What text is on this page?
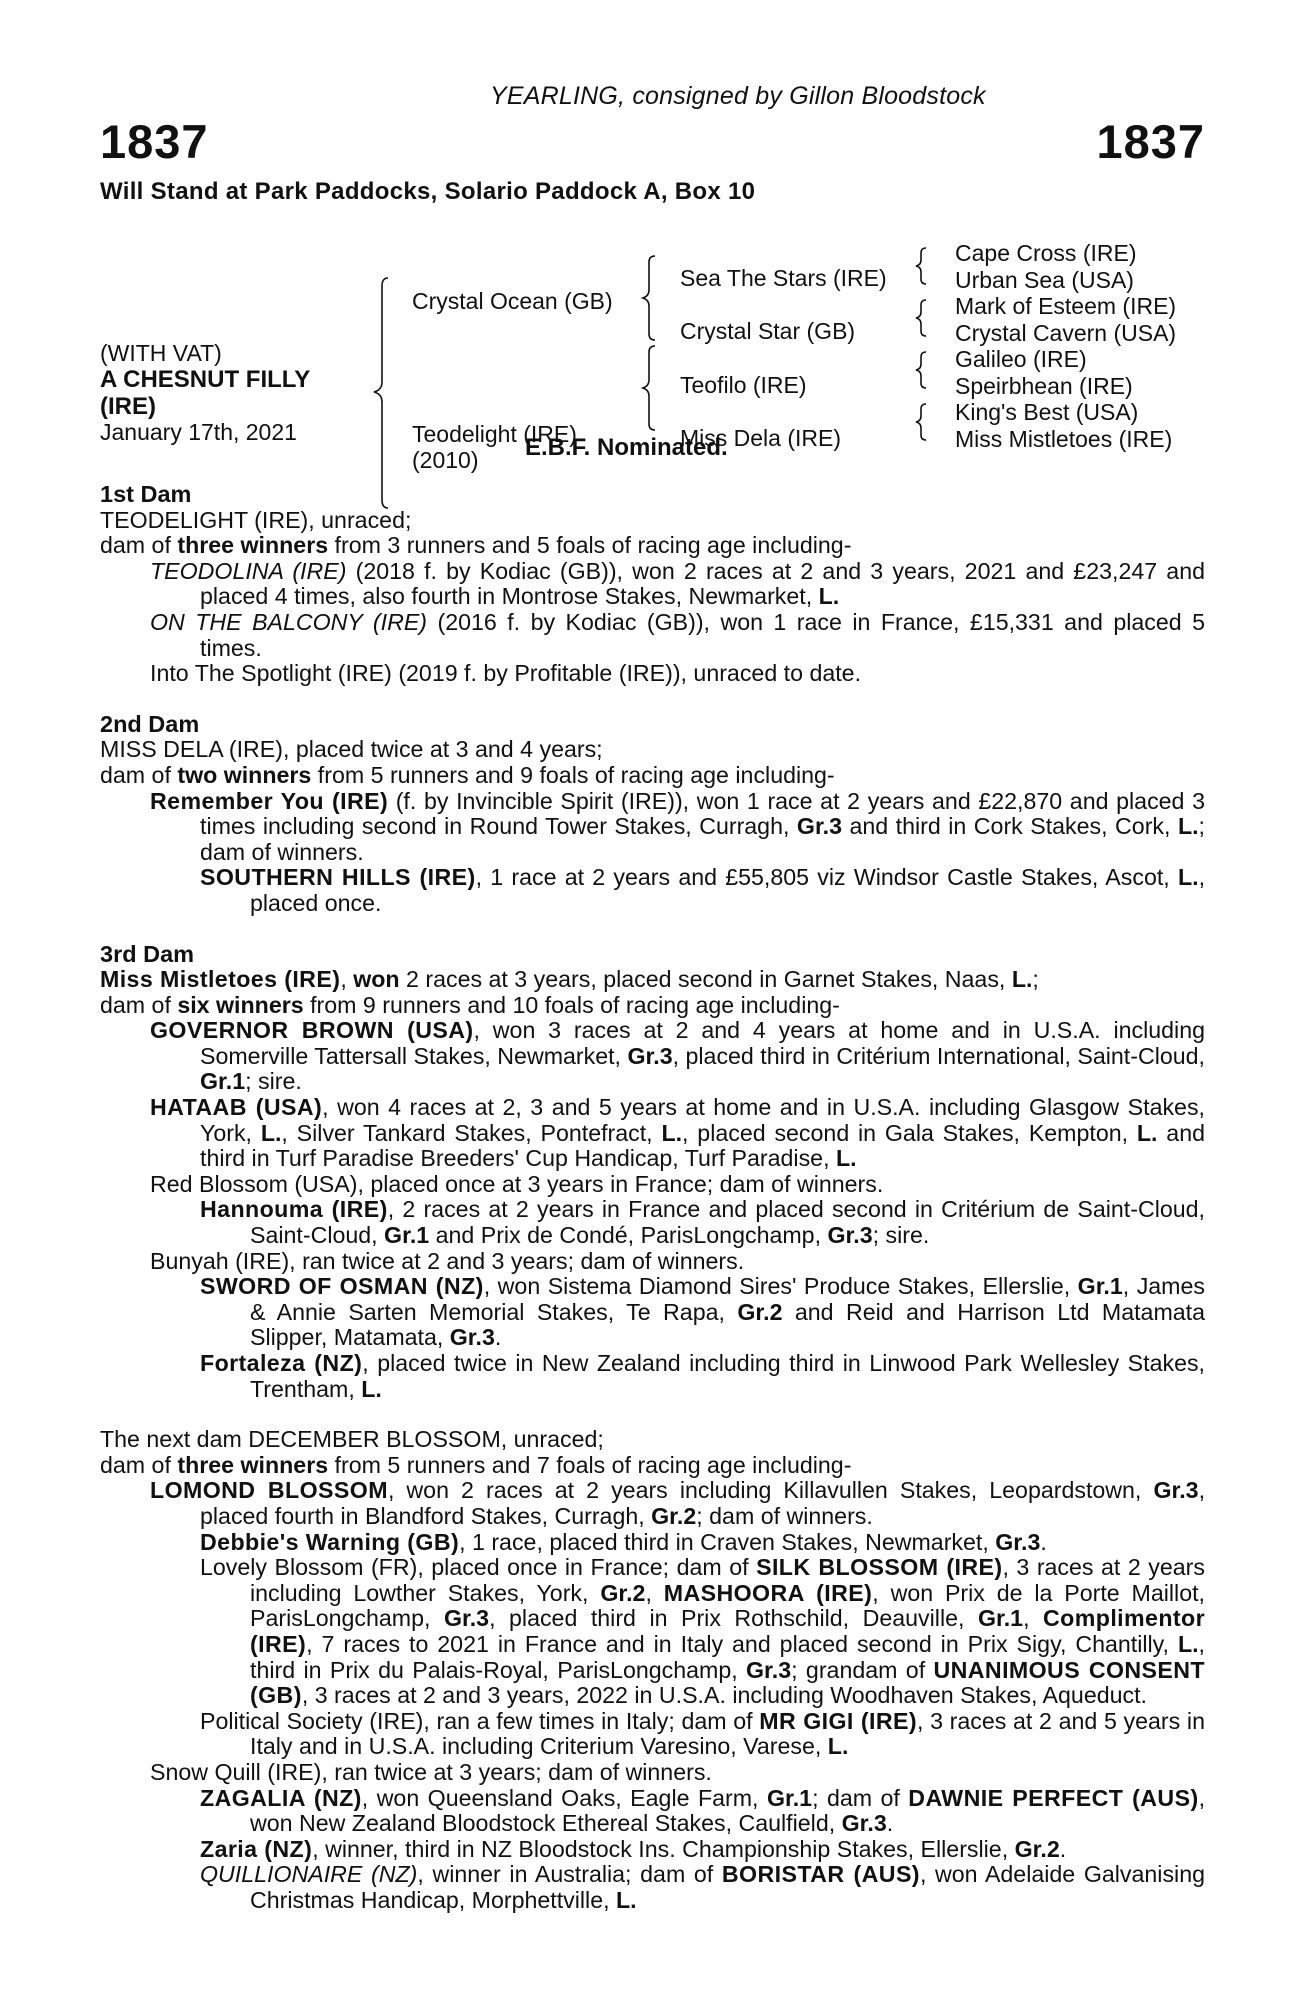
YEARLING, consigned by Gillon Bloodstock
1837	1837
Will Stand at Park Paddocks, Solario Paddock A, Box 10
(WITH VAT)
A CHESNUT FILLY
(IRE)
January 17th, 2021
Crystal Ocean (GB)
Teodelight (IRE)
(2010)
Sea The Stars (IRE)
Crystal Star (GB)
Teofilo (IRE)
Miss Dela (IRE)
Cape Cross (IRE)
Urban Sea (USA)
Mark of Esteem (IRE)
Crystal Cavern (USA)
Galileo (IRE)
Speirbhean (IRE)
King's Best (USA)
Miss Mistletoes (IRE)
E.B.F. Nominated.

1st Dam

TEODELIGHT (IRE), unraced;

dam of three winners from 3 runners and 5 foals of racing age including-

TEODOLINA (IRE) (2018 f. by Kodiac (GB)), won 2 races at 2 and 3 years, 2021 and £23,247 and placed 4 times, also fourth in Montrose Stakes, Newmarket, L.

ON THE BALCONY (IRE) (2016 f. by Kodiac (GB)), won 1 race in France, £15,331 and placed 5 times.

Into The Spotlight (IRE) (2019 f. by Profitable (IRE)), unraced to date.

2nd Dam

MISS DELA (IRE), placed twice at 3 and 4 years;

dam of two winners from 5 runners and 9 foals of racing age including-

Remember You (IRE) (f. by Invincible Spirit (IRE)), won 1 race at 2 years and £22,870 and placed 3 times including second in Round Tower Stakes, Curragh, Gr.3 and third in Cork Stakes, Cork, L.; dam of winners.

SOUTHERN HILLS (IRE), 1 race at 2 years and £55,805 viz Windsor Castle Stakes, Ascot, L., placed once.

3rd Dam

Miss Mistletoes (IRE), won 2 races at 3 years, placed second in Garnet Stakes, Naas, L.;

dam of six winners from 9 runners and 10 foals of racing age including-

GOVERNOR BROWN (USA), won 3 races at 2 and 4 years at home and in U.S.A. including Somerville Tattersall Stakes, Newmarket, Gr.3, placed third in Critérium International, Saint-Cloud, Gr.1; sire.

HATAAB (USA), won 4 races at 2, 3 and 5 years at home and in U.S.A. including Glasgow Stakes, York, L., Silver Tankard Stakes, Pontefract, L., placed second in Gala Stakes, Kempton, L. and third in Turf Paradise Breeders' Cup Handicap, Turf Paradise, L.

Red Blossom (USA), placed once at 3 years in France; dam of winners.

Hannouma (IRE), 2 races at 2 years in France and placed second in Critérium de Saint-Cloud, Saint-Cloud, Gr.1 and Prix de Condé, ParisLongchamp, Gr.3; sire.

Bunyah (IRE), ran twice at 2 and 3 years; dam of winners.

SWORD OF OSMAN (NZ), won Sistema Diamond Sires' Produce Stakes, Ellerslie, Gr.1, James & Annie Sarten Memorial Stakes, Te Rapa, Gr.2 and Reid and Harrison Ltd Matamata Slipper, Matamata, Gr.3.

Fortaleza (NZ), placed twice in New Zealand including third in Linwood Park Wellesley Stakes, Trentham, L.

The next dam DECEMBER BLOSSOM, unraced;

dam of three winners from 5 runners and 7 foals of racing age including-

LOMOND BLOSSOM, won 2 races at 2 years including Killavullen Stakes, Leopardstown, Gr.3, placed fourth in Blandford Stakes, Curragh, Gr.2; dam of winners.

Debbie's Warning (GB), 1 race, placed third in Craven Stakes, Newmarket, Gr.3.

Lovely Blossom (FR), placed once in France; dam of SILK BLOSSOM (IRE), 3 races at 2 years including Lowther Stakes, York, Gr.2, MASHOORA (IRE), won Prix de la Porte Maillot, ParisLongchamp, Gr.3, placed third in Prix Rothschild, Deauville, Gr.1, Complimentor (IRE), 7 races to 2021 in France and in Italy and placed second in Prix Sigy, Chantilly, L., third in Prix du Palais-Royal, ParisLongchamp, Gr.3; grandam of UNANIMOUS CONSENT (GB), 3 races at 2 and 3 years, 2022 in U.S.A. including Woodhaven Stakes, Aqueduct.

Political Society (IRE), ran a few times in Italy; dam of MR GIGI (IRE), 3 races at 2 and 5 years in Italy and in U.S.A. including Criterium Varesino, Varese, L.

Snow Quill (IRE), ran twice at 3 years; dam of winners.

ZAGALIA (NZ), won Queensland Oaks, Eagle Farm, Gr.1; dam of DAWNIE PERFECT (AUS), won New Zealand Bloodstock Ethereal Stakes, Caulfield, Gr.3.

Zaria (NZ), winner, third in NZ Bloodstock Ins. Championship Stakes, Ellerslie, Gr.2.

QUILLIONAIRE (NZ), winner in Australia; dam of BORISTAR (AUS), won Adelaide Galvanising Christmas Handicap, Morphettville, L.
